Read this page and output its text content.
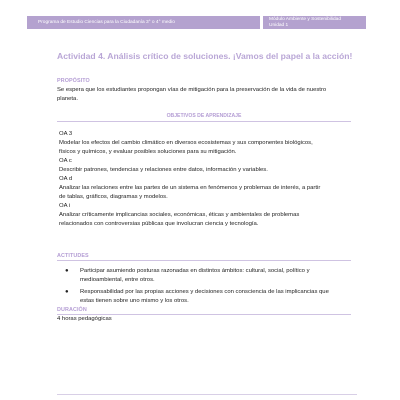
Programa de Estudio Ciencias para la Ciudadanía 3° o 4° medio
Módulo Ambiente y Sostenibilidad
Unidad 1
Actividad 4. Análisis crítico de soluciones. ¡Vamos del papel a la acción!
PROPÓSITO
Se espera que los estudiantes propongan vías de mitigación para la preservación de la vida de nuestro
planeta.
OBJETIVOS DE APRENDIZAJE
OA 3
Modelar los efectos del cambio climático en diversos ecosistemas y sus componentes biológicos,
físicos y químicos, y evaluar posibles soluciones para su mitigación.
OA c
Describir patrones, tendencias y relaciones entre datos, información y variables.
OA d
Analizar las relaciones entre las partes de un sistema en fenómenos y problemas de interés, a partir
de tablas, gráficos, diagramas y modelos.
OA i
Analizar críticamente implicancias sociales, económicas, éticas y ambientales de problemas
relacionados con controversias públicas que involucran ciencia y tecnología.
ACTITUDES
● Participar asumiendo posturas razonadas en distintos ámbitos: cultural, social, político y
medioambiental, entre otros.
● Responsabilidad por las propias acciones y decisiones con consciencia de las implicancias que
estas tienen sobre uno mismo y los otros.
DURACIÓN
4 horas pedagógicas
